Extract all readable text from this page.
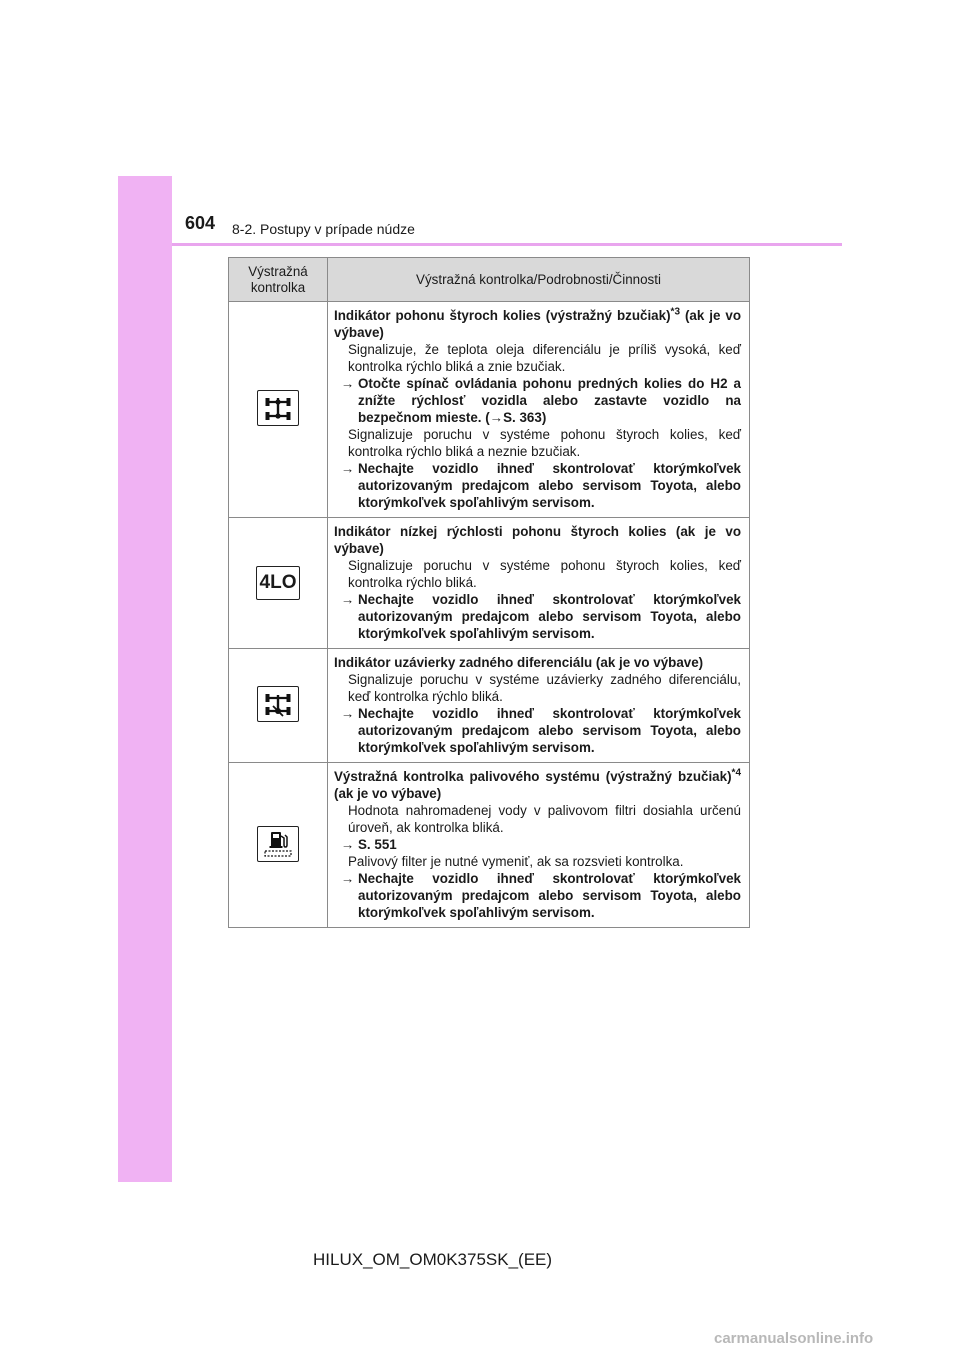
604 8-2. Postupy v prípade núdze
Výstražná
kontrolka	Výstražná kontrolka/Podrobnosti/Činnosti

Indikátor pohonu štyroch kolies (výstražný bzučiak)$^{*3}$ (ak je vo výbave)
Signalizuje, že teplota oleja diferenciálu je príliš vysoká, keď kontrolka rýchlo bliká a znie bzučiak.
→ Otočte spínač ovládania pohonu predných kolies do H2 a znížte rýchlosť vozidla alebo zastavte vozidlo na bezpečnom mieste. (→S. 363)
Signalizuje poruchu v systéme pohonu štyroch kolies, keď kontrolka rýchlo bliká a neznie bzučiak.
→ Nechajte vozidlo ihneď skontrolovať ktorýmkoľvek autorizovaným predajcom alebo servisom Toyota, alebo ktorýmkoľvek spoľahlivým servisom.

4LO	Indikátor nízkej rýchlosti pohonu štyroch kolies (ak je vo výbave)
Signalizuje poruchu v systéme pohonu štyroch kolies, keď kontrolka rýchlo bliká.
→ Nechajte vozidlo ihneď skontrolovať ktorýmkoľvek autorizovaným predajcom alebo servisom Toyota, alebo ktorýmkoľvek spoľahlivým servisom.

Indikátor uzávierky zadného diferenciálu (ak je vo výbave)
Signalizuje poruchu v systéme uzávierky zadného diferenciálu, keď kontrolka rýchlo bliká.
→ Nechajte vozidlo ihneď skontrolovať ktorýmkoľvek autorizovaným predajcom alebo servisom Toyota, alebo ktorýmkoľvek spoľahlivým servisom.

Výstražná kontrolka palivového systému (výstražný bzučiak)$^{*4}$ (ak je vo výbave)
Hodnota nahromadenej vody v palivovom filtri dosiahla určenú úroveň, ak kontrolka bliká.
→ S. 551
Palivový filter je nutné vymeniť, ak sa rozsvieti kontrolka.
→ Nechajte vozidlo ihneď skontrolovať ktorýmkoľvek autorizovaným predajcom alebo servisom Toyota, alebo ktorýmkoľvek spoľahlivým servisom.
HILUX_OM_OM0K375SK_(EE)
carmanualsonline.info
